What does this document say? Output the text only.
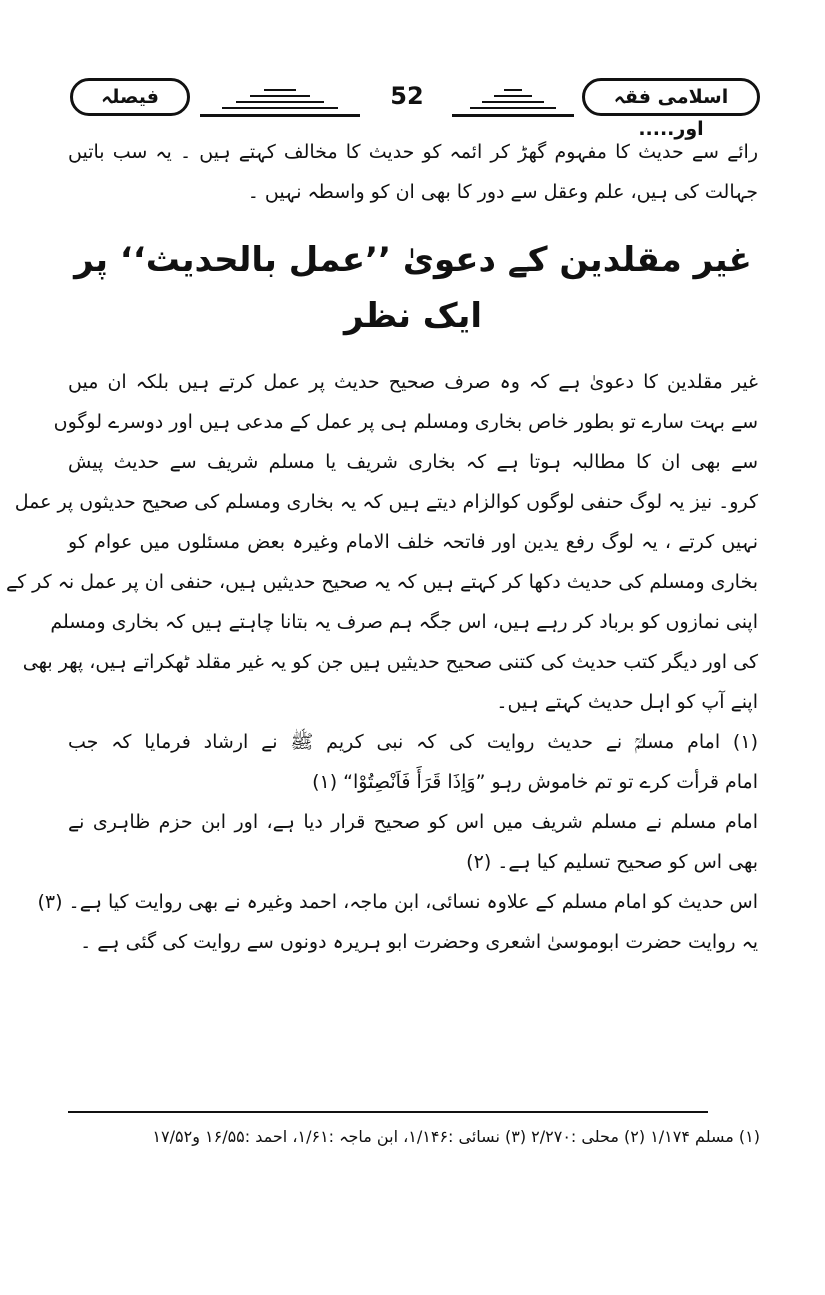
اسلامی فقہ اور.....
52
فیصلہ
رائے سے حدیث کا مفہوم گھڑ کر ائمہ کو حدیث کا مخالف کہتے ہیں ۔ یہ سب باتیں
جہالت کی ہیں، علم وعقل سے دور کا بھی ان کو واسطہ نہیں ۔
غیر مقلدین کے دعویٰ ’’عمل بالحدیث‘‘ پر ایک نظر
غیر مقلدین کا دعویٰ ہے کہ وہ صرف صحیح حدیث پر عمل کرتے ہیں بلکہ ان میں
سے بہت سارے تو بطور خاص بخاری ومسلم ہی پر عمل کے مدعی ہیں اور دوسرے لوگوں
سے بھی ان کا مطالبہ ہوتا ہے کہ بخاری شریف یا مسلم شریف سے حدیث پیش
کرو۔ نیز یہ لوگ حنفی لوگوں کوالزام دیتے ہیں کہ یہ بخاری ومسلم کی صحیح حدیثوں پر عمل
نہیں کرتے ، یہ لوگ رفع یدین اور فاتحہ خلف الامام وغیرہ بعض مسئلوں میں عوام کو
بخاری ومسلم کی حدیث دکھا کر کہتے ہیں کہ یہ صحیح حدیثیں ہیں، حنفی ان پر عمل نہ کر کے
اپنی نمازوں کو برباد کر رہے ہیں، اس جگہ ہم صرف یہ بتانا چاہتے ہیں کہ بخاری ومسلم
کی اور دیگر کتب حدیث کی کتنی صحیح حدیثیں ہیں جن کو یہ غیر مقلد ٹھکراتے ہیں، پھر بھی
اپنے آپ کو اہل حدیث کہتے ہیں۔
(۱) امام مسلمؒ نے حدیث روایت کی کہ نبی کریم ﷺ نے ارشاد فرمایا کہ جب
امام قرأت کرے تو تم خاموش رہو ”وَاِذَا قَرَأَ فَاَنْصِتُوْا“ (۱)
امام مسلم نے مسلم شریف میں اس کو صحیح قرار دیا ہے، اور ابن حزم ظاہری نے
بھی اس کو صحیح تسلیم کیا ہے۔ (۲)
اس حدیث کو امام مسلم کے علاوہ نسائی، ابن ماجہ، احمد وغیرہ نے بھی روایت کیا ہے۔ (۳)
یہ روایت حضرت ابوموسیٰ اشعری وحضرت ابو ہریرہ دونوں سے روایت کی گئی ہے ۔
(۱) مسلم ۱/۱۷۴ (۲) محلی :۲/۲۷۰ (۳) نسائی :۱/۱۴۶، ابن ماجہ :۱/۶۱، احمد :۱۶/۵۵ و۱۷/۵۲
